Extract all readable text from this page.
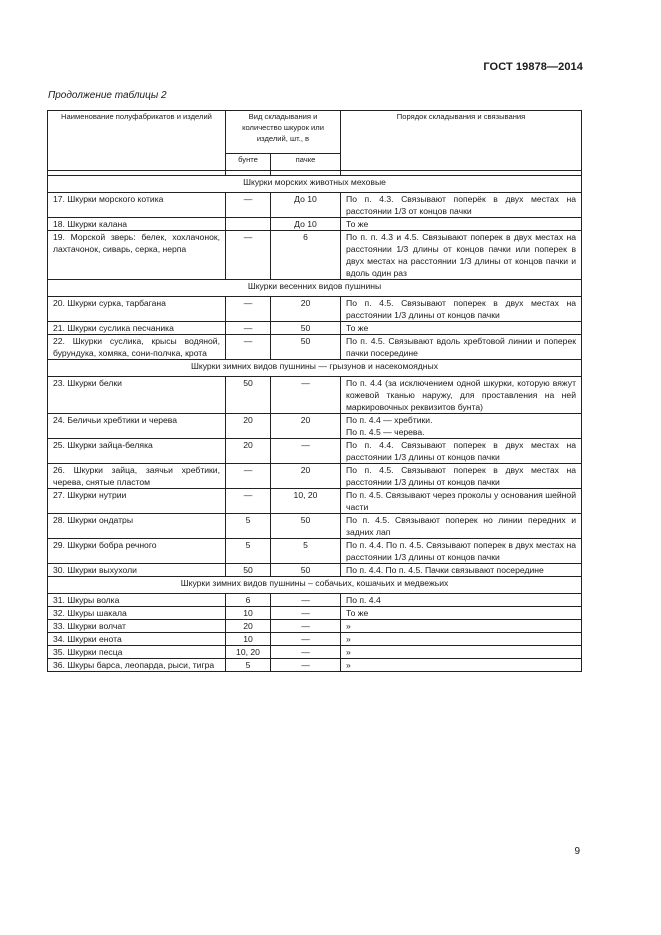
ГОСТ 19878—2014
Продолжение таблицы 2
Наименование полуфабрикатов и изделий	Вид складывания и количество шкурок или изделий, шт., в		Порядок складывания и связывания
	бунте	пачке	

Шкурки морских животных меховые			
17. Шкурки морского котика	—	До 10	По п. 4.3. Связывают поперёк в двух местах на расстоянии 1/3 от концов пачки
18. Шкурки калана		До 10	То же
19. Морской зверь: белек, хохлачонок, лахтачонок, сиварь, серка, нерпа	—	6	По п. п. 4.3 и 4.5. Связывают поперек в двух местах на расстоянии 1/3 длины от концов пачки или поперек в двух местах на расстоянии 1/3 длины от концов пачки и вдоль один раз
Шкурки весенних видов пушнины			
20. Шкурки сурка, тарбагана	—	20	По п. 4.5. Связывают поперек в двух местах на расстоянии 1/3 длины от концов пачки
21. Шкурки суслика песчаника	—	50	То же
22. Шкурки суслика, крысы водяной, бурундука, хомяка, сони-полчка, крота	—	50	По п. 4.5. Связывают вдоль хребтовой линии и поперек пачки посередине
Шкурки зимних видов пушнины — грызунов и насекомоядных			
23. Шкурки белки	50	—	По п. 4.4 (за исключением одной шкурки, которую вяжут кожевой тканью наружу, для проставления на ней маркировочных реквизитов бунта)
24. Беличьи хребтики и черева	20	20	По п. 4.4 — хребтики.
По п. 4.5 — черева.
25. Шкурки зайца-беляка	20	—	По п. 4.4. Связывают поперек в двух местах на расстоянии 1/3 длины от концов пачки
26. Шкурки зайца, заячьи хребтики, черева, снятые пластом	—	20	По п. 4.5. Связывают поперек в двух местах на расстоянии 1/3 длины от концов пачки
27. Шкурки нутрии	—	10, 20	По п. 4.5. Связывают через проколы у основания шейной части
28. Шкурки ондатры	5	50	По п. 4.5. Связывают поперек но линии передних и задних лап
29. Шкурки бобра речного	5	5	По п. 4.4. По п. 4.5. Связывают поперек в двух местах на расстоянии 1/3 длины от концов пачки
30. Шкурки выхухоли	50	50	По п. 4.4. По п. 4.5. Пачки связывают посередине
Шкурки зимних видов пушнины – собачьих, кошачьих и медвежьих			
31. Шкуры волка	6	—	По п. 4.4
32. Шкуры шакала	10	—	То же
33. Шкурки волчат	20	—	»
34. Шкурки енота	10	—	»
35. Шкурки песца	10, 20	—	»
36. Шкуры барса, леопарда, рыси, тигра	5	—	»
9
